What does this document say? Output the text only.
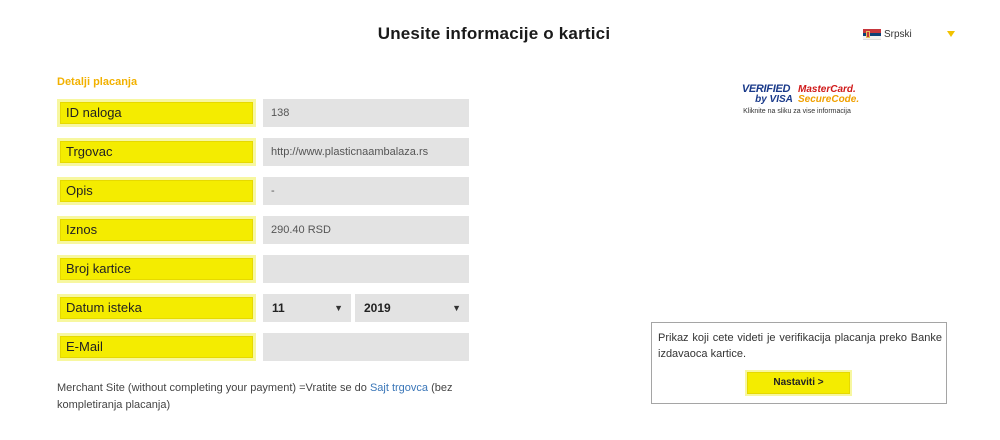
Unesite informacije o kartici	Srpski
Detalji placanja
ID naloga	138
Trgovac	http://www.plasticnaambalaza.rs
Opis	-
Iznos	290.40 RSD
Broj kartice
Datum isteka	11	▼	2019	▼
E-Mail
Merchant Site (without completing your payment) =Vratite se do Sajt trgovca (bez kompletiranja placanja)
VERIFIED
by VISA
MasterCard.
SecureCode.
Kliknite na sliku za vise informacija
Prikaz koji cete videti je verifikacija placanja preko Banke izdavaoca kartice.
Nastaviti >
